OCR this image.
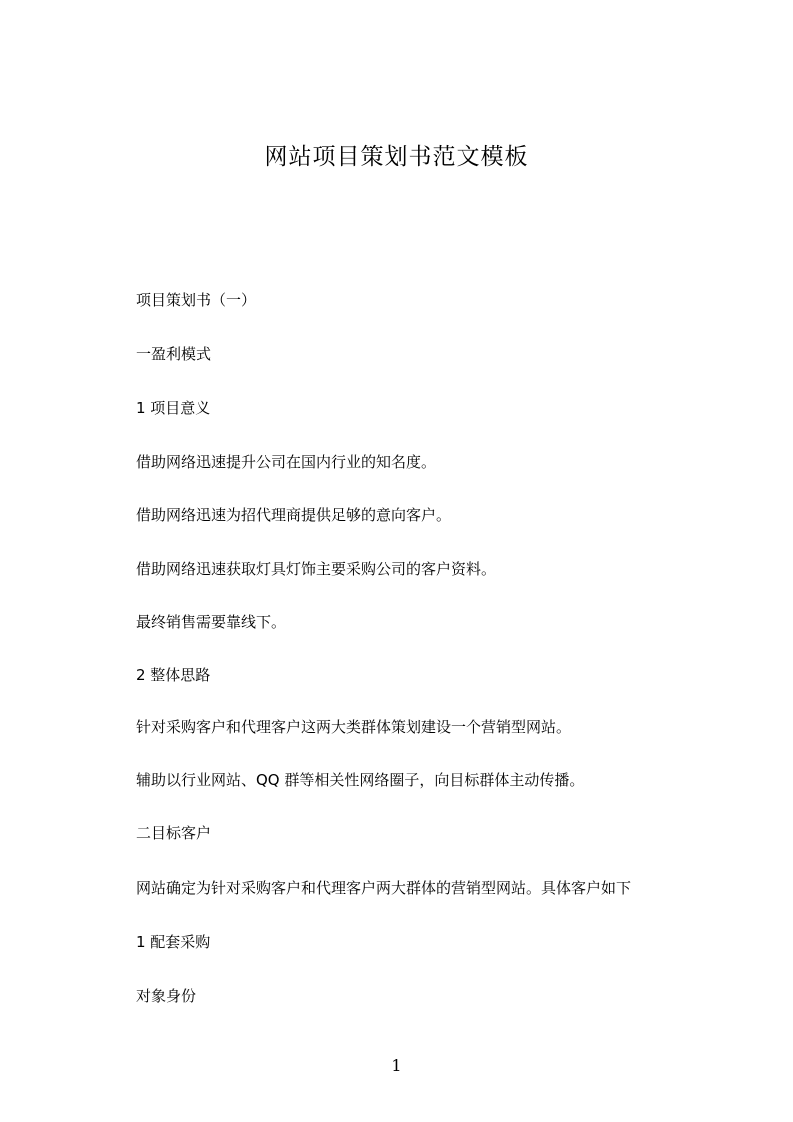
网站项目策划书范文模板
项目策划书（一）
一盈利模式
1 项目意义
借助网络迅速提升公司在国内行业的知名度。
借助网络迅速为招代理商提供足够的意向客户。
借助网络迅速获取灯具灯饰主要采购公司的客户资料。
最终销售需要靠线下。
2 整体思路
针对采购客户和代理客户这两大类群体策划建设一个营销型网站。
辅助以行业网站、QQ 群等相关性网络圈子，向目标群体主动传播。
二目标客户
网站确定为针对采购客户和代理客户两大群体的营销型网站。具体客户如下
1 配套采购
对象身份
1
